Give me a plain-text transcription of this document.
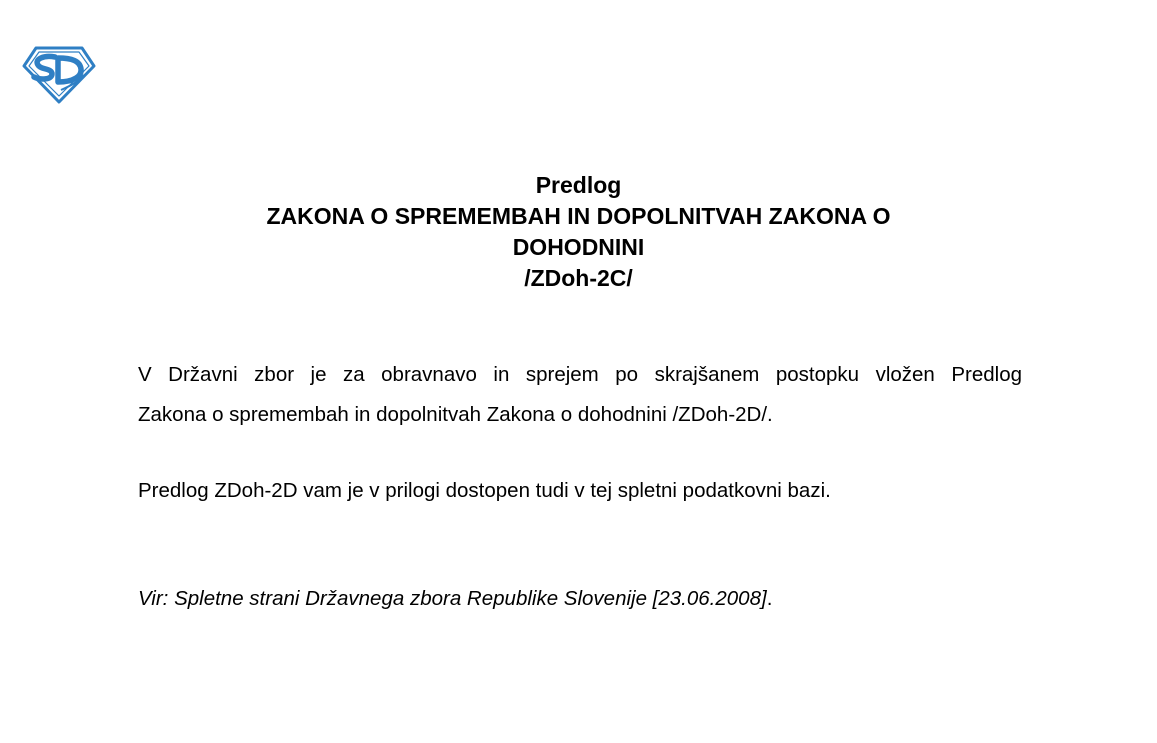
Predlog
ZAKONA O SPREMEMBAH IN DOPOLNITVAH ZAKONA O
DOHODNINI
/ZDoh-2C/
V Državni zbor je za obravnavo in sprejem po skrajšanem postopku vložen Predlog
Zakona o spremembah in dopolnitvah Zakona o dohodnini /ZDoh-2D/.
Predlog ZDoh-2D vam je v prilogi dostopen tudi v tej spletni podatkovni bazi.
Vir: Spletne strani Državnega zbora Republike Slovenije [23.06.2008].
